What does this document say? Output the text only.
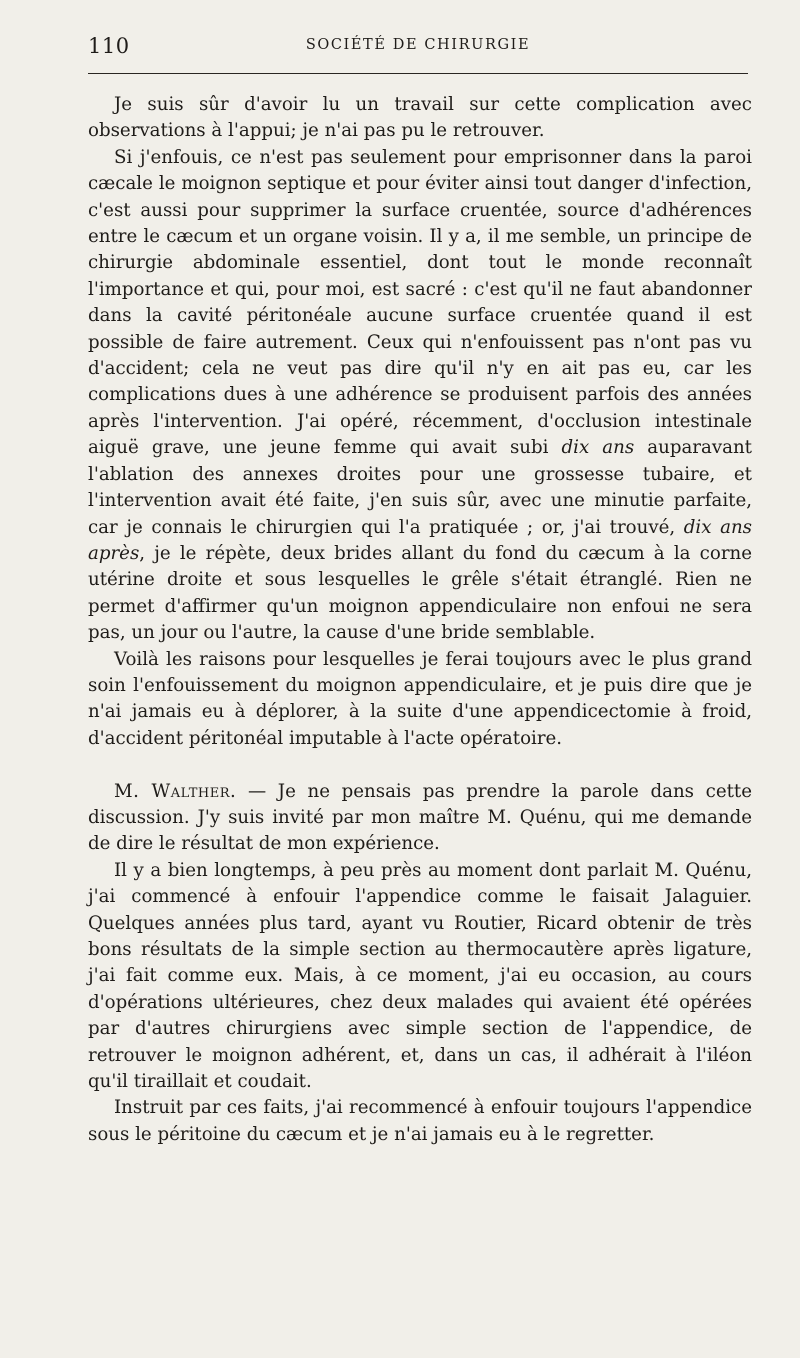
110	SOCIÉTÉ DE CHIRURGIE

Je suis sûr d'avoir lu un travail sur cette complication avec observations à l'appui; je n'ai pas pu le retrouver.

Si j'enfouis, ce n'est pas seulement pour emprisonner dans la paroi cæcale le moignon septique et pour éviter ainsi tout danger d'infection, c'est aussi pour supprimer la surface cruentée, source d'adhérences entre le cæcum et un organe voisin. Il y a, il me semble, un principe de chirurgie abdominale essentiel, dont tout le monde reconnaît l'importance et qui, pour moi, est sacré : c'est qu'il ne faut abandonner dans la cavité péritonéale aucune surface cruentée quand il est possible de faire autrement. Ceux qui n'enfouissent pas n'ont pas vu d'accident; cela ne veut pas dire qu'il n'y en ait pas eu, car les complications dues à une adhérence se produisent parfois des années après l'intervention. J'ai opéré, récemment, d'occlusion intestinale aiguë grave, une jeune femme qui avait subi dix ans auparavant l'ablation des annexes droites pour une grossesse tubaire, et l'intervention avait été faite, j'en suis sûr, avec une minutie parfaite, car je connais le chirurgien qui l'a pratiquée ; or, j'ai trouvé, dix ans après, je le répète, deux brides allant du fond du cæcum à la corne utérine droite et sous lesquelles le grêle s'était étranglé. Rien ne permet d'affirmer qu'un moignon appendiculaire non enfoui ne sera pas, un jour ou l'autre, la cause d'une bride semblable.

Voilà les raisons pour lesquelles je ferai toujours avec le plus grand soin l'enfouissement du moignon appendiculaire, et je puis dire que je n'ai jamais eu à déplorer, à la suite d'une appendicectomie à froid, d'accident péritonéal imputable à l'acte opératoire.

M. Walther. — Je ne pensais pas prendre la parole dans cette discussion. J'y suis invité par mon maître M. Quénu, qui me demande de dire le résultat de mon expérience.

Il y a bien longtemps, à peu près au moment dont parlait M. Quénu, j'ai commencé à enfouir l'appendice comme le faisait Jalaguier. Quelques années plus tard, ayant vu Routier, Ricard obtenir de très bons résultats de la simple section au thermocautère après ligature, j'ai fait comme eux. Mais, à ce moment, j'ai eu occasion, au cours d'opérations ultérieures, chez deux malades qui avaient été opérées par d'autres chirurgiens avec simple section de l'appendice, de retrouver le moignon adhérent, et, dans un cas, il adhérait à l'iléon qu'il tiraillait et coudait.

Instruit par ces faits, j'ai recommencé à enfouir toujours l'appendice sous le péritoine du cæcum et je n'ai jamais eu à le regretter.
